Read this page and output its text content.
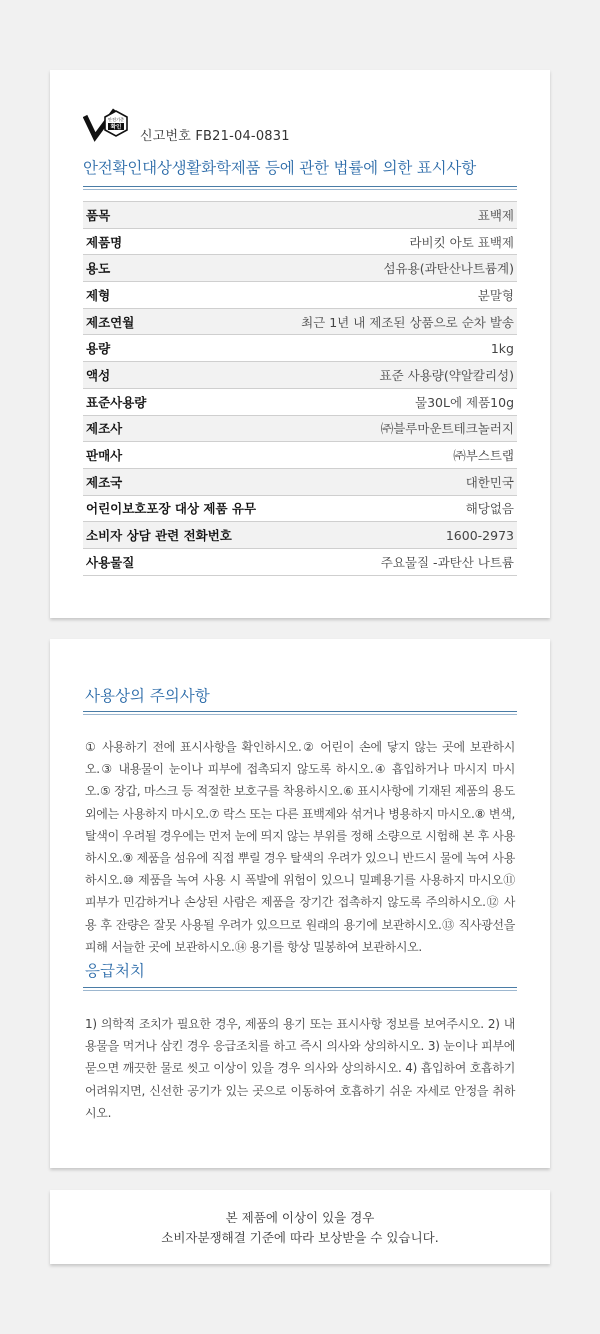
안전기준
확인
신고번호 FB21-04-0831
안전확인대상생활화학제품 등에 관한 법률에 의한 표시사항
품목	표백제
제품명	라비킷 아토 표백제
용도	섬유용(과탄산나트륨계)
제형	분말형
제조연월	최근 1년 내 제조된 상품으로 순차 발송
용량	1kg
액성	표준 사용량(약알칼리성)
표준사용량	물30L에 제품10g
제조사	㈜블루마운트테크놀러지
판매사	㈜부스트랩
제조국	대한민국
어린이보호포장 대상 제품 유무	해당없음
소비자 상담 관련 전화번호	1600-2973
사용물질	주요물질 -과탄산 나트륨
사용상의 주의사항

① 사용하기 전에 표시사항을 확인하시오.② 어린이 손에 닿지 않는 곳에 보관하시오.③ 내용물이 눈이나 피부에 접촉되지 않도록 하시오.④ 흡입하거나 마시지 마시오.⑤ 장갑, 마스크 등 적절한 보호구를 착용하시오.⑥ 표시사항에 기재된 제품의 용도 외에는 사용하지 마시오.⑦ 락스 또는 다른 표백제와 섞거나 병용하지 마시오.⑧ 변색, 탈색이 우려될 경우에는 먼저 눈에 띄지 않는 부위를 정해 소량으로 시험해 본 후 사용하시오.⑨ 제품을 섬유에 직접 뿌릴 경우 탈색의 우려가 있으니 반드시 물에 녹여 사용하시오.⑩ 제품을 녹여 사용 시 폭발에 위험이 있으니 밀폐용기를 사용하지 마시오⑪ 피부가 민감하거나 손상된 사람은 제품을 장기간 접촉하지 않도록 주의하시오.⑫ 사용 후 잔량은 잘못 사용될 우려가 있으므로 원래의 용기에 보관하시오.⑬ 직사광선을 피해 서늘한 곳에 보관하시오.⑭ 용기를 항상 밀봉하여 보관하시오.

응급처치

1) 의학적 조치가 필요한 경우, 제품의 용기 또는 표시사항 정보를 보여주시오. 2) 내용물을 먹거나 삼킨 경우 응급조치를 하고 즉시 의사와 상의하시오. 3) 눈이나 피부에 묻으면 깨끗한 물로 씻고 이상이 있을 경우 의사와 상의하시오. 4) 흡입하여 호흡하기 어려워지면, 신선한 공기가 있는 곳으로 이동하여 호흡하기 쉬운 자세로 안정을 취하시오.

본 제품에 이상이 있을 경우
소비자분쟁해결 기준에 따라 보상받을 수 있습니다.
